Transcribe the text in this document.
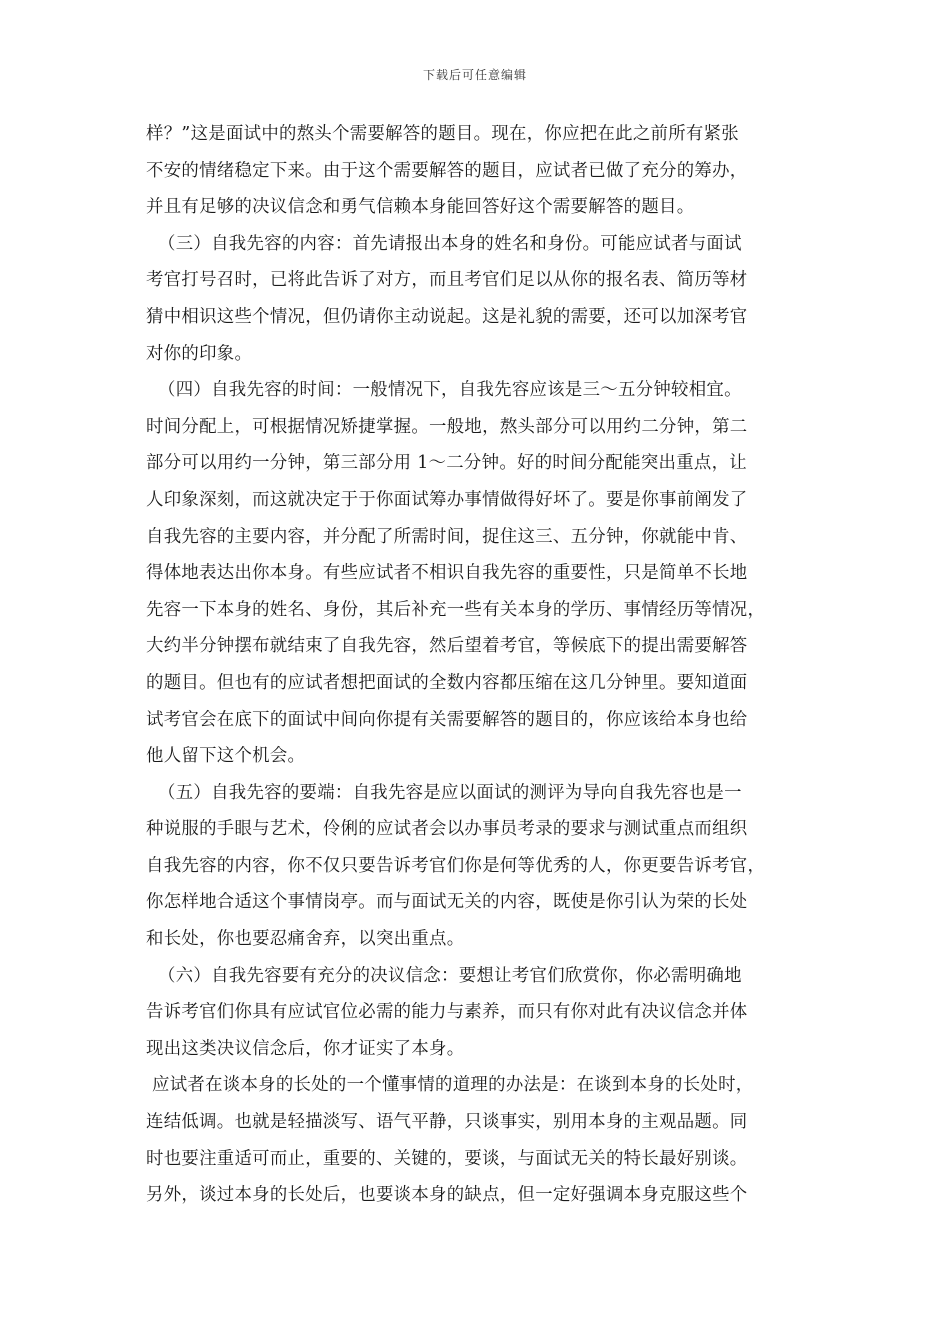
下载后可任意编辑
样？”这是面试中的熬头个需要解答的题目。现在，你应把在此之前所有紧张
不安的情绪稳定下来。由于这个需要解答的题目，应试者已做了充分的筹办，
并且有足够的决议信念和勇气信赖本身能回答好这个需要解答的题目。
（三）自我先容的内容：首先请报出本身的姓名和身份。可能应试者与面试
考官打号召时，已将此告诉了对方，而且考官们足以从你的报名表、简历等材
猜中相识这些个情况，但仍请你主动说起。这是礼貌的需要，还可以加深考官
对你的印象。
（四）自我先容的时间：一般情况下，自我先容应该是三～五分钟较相宜。
时间分配上，可根据情况矫捷掌握。一般地，熬头部分可以用约二分钟，第二
部分可以用约一分钟，第三部分用 1～二分钟。好的时间分配能突出重点，让
人印象深刻，而这就决定于于你面试筹办事情做得好坏了。要是你事前阐发了
自我先容的主要内容，并分配了所需时间，捉住这三、五分钟，你就能中肯、
得体地表达出你本身。有些应试者不相识自我先容的重要性，只是简单不长地
先容一下本身的姓名、身份，其后补充一些有关本身的学历、事情经历等情况，
大约半分钟摆布就结束了自我先容，然后望着考官，等候底下的提出需要解答
的题目。但也有的应试者想把面试的全数内容都压缩在这几分钟里。要知道面
试考官会在底下的面试中间向你提有关需要解答的题目的，你应该给本身也给
他人留下这个机会。
（五）自我先容的要端：自我先容是应以面试的测评为导向自我先容也是一
种说服的手眼与艺术，伶俐的应试者会以办事员考录的要求与测试重点而组织
自我先容的内容，你不仅只要告诉考官们你是何等优秀的人，你更要告诉考官，
你怎样地合适这个事情岗亭。而与面试无关的内容，既使是你引认为荣的长处
和长处，你也要忍痛舍弃，以突出重点。
（六）自我先容要有充分的决议信念：要想让考官们欣赏你，你必需明确地
告诉考官们你具有应试官位必需的能力与素养，而只有你对此有决议信念并体
现出这类决议信念后，你才证实了本身。
应试者在谈本身的长处的一个懂事情的道理的办法是：在谈到本身的长处时，
连结低调。也就是轻描淡写、语气平静，只谈事实，别用本身的主观品题。同
时也要注重适可而止，重要的、关键的，要谈，与面试无关的特长最好别谈。
另外，谈过本身的长处后，也要谈本身的缺点，但一定好强调本身克服这些个
